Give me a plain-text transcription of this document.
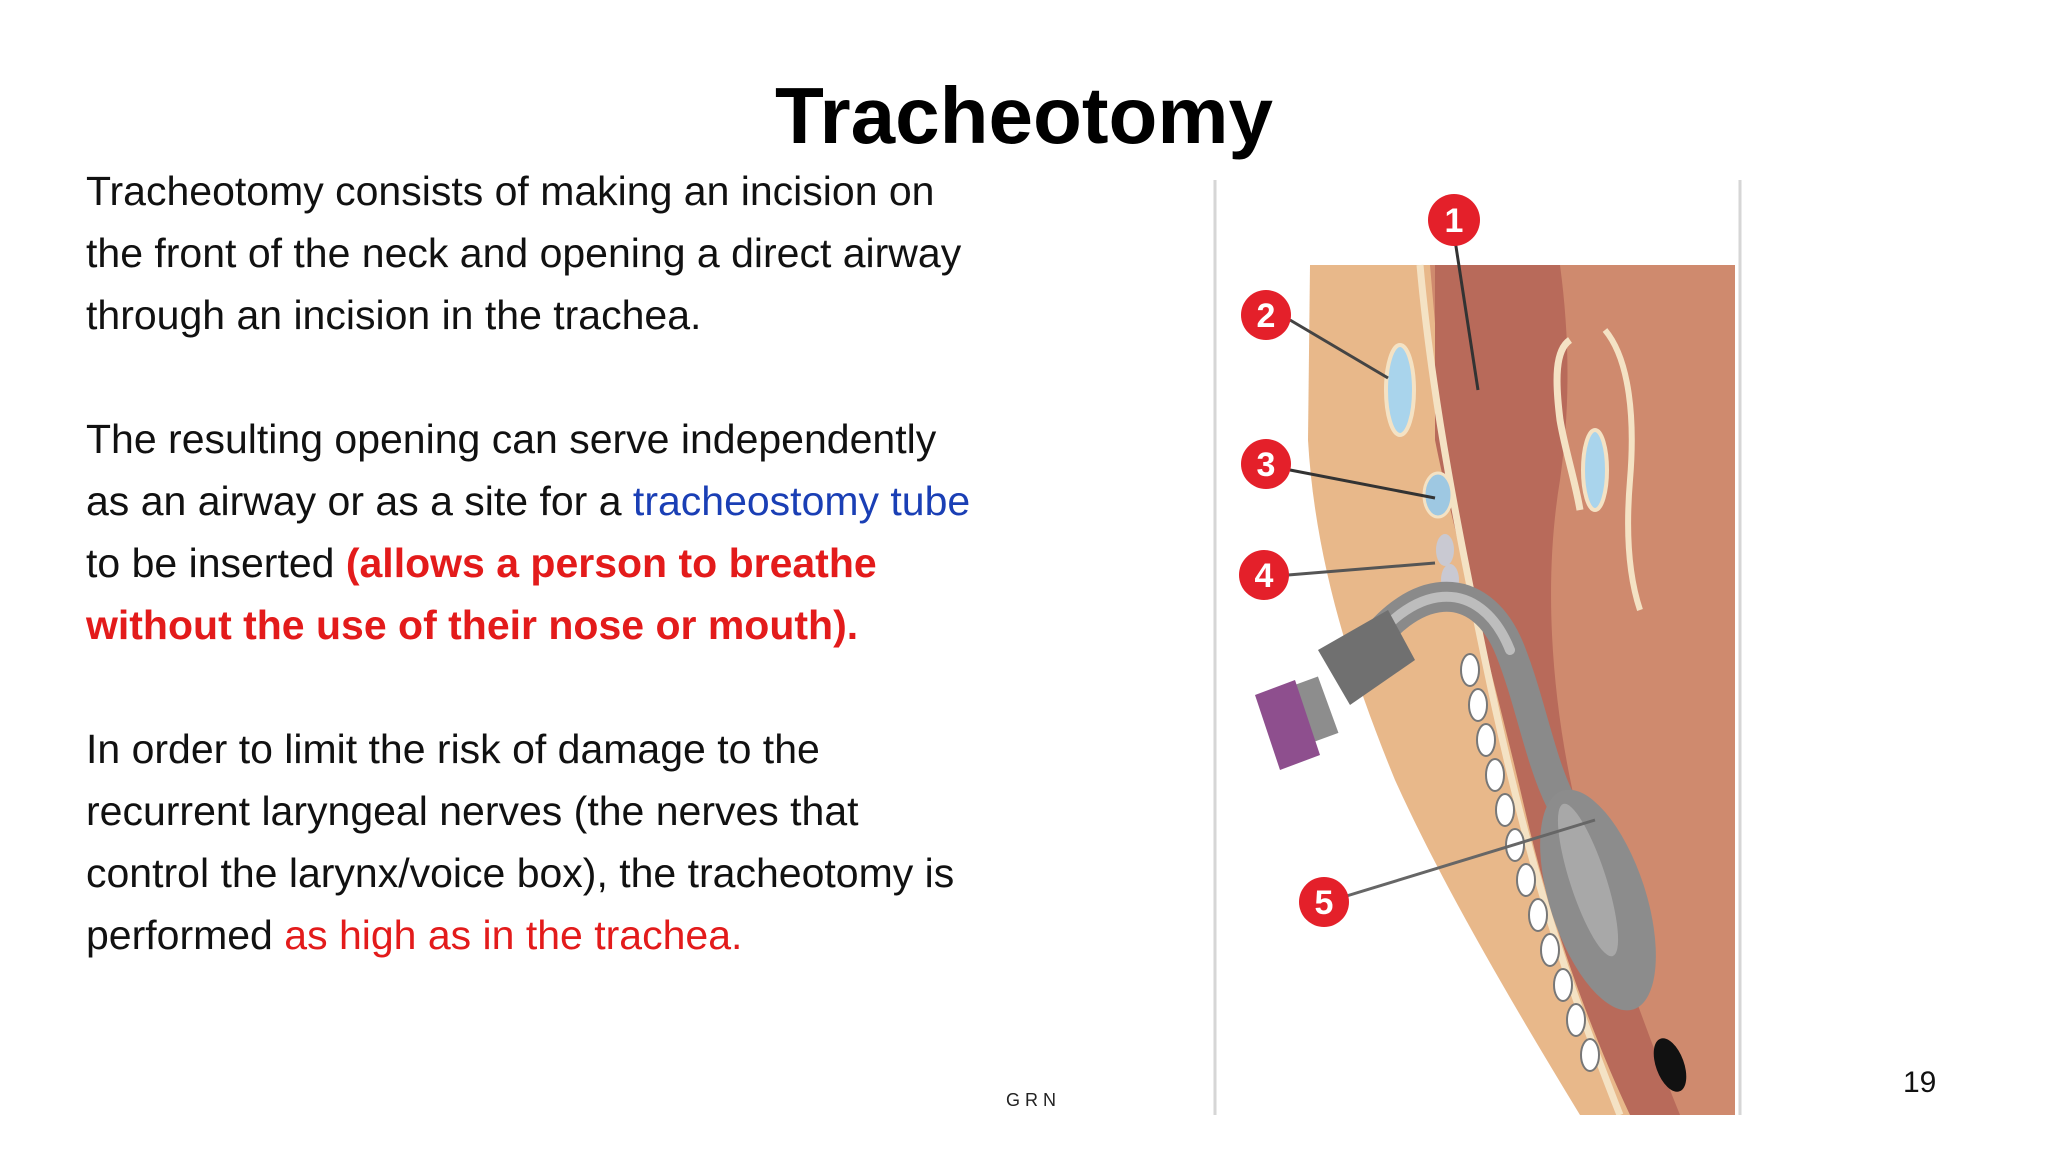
Tracheotomy

Tracheotomy consists of making an incision on the front of the neck and opening a direct airway through an incision in the trachea.

The resulting opening can serve independently as an airway or as a site for a tracheostomy tube to be inserted (allows a person to breathe without the use of their nose or mouth).

In order to limit the risk of damage to the recurrent laryngeal nerves (the nerves that control the larynx/voice box), the tracheotomy is performed as high as in the trachea.

1
2
3
4
5
GRN
19
